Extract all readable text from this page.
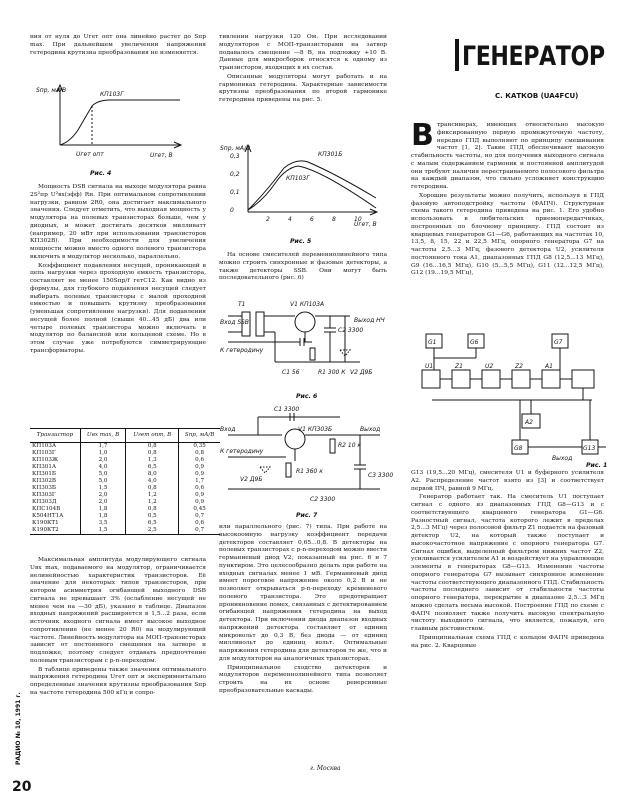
РАДИО № 10, 1991 г.
20

ния от нуля до Uгет опт она линейно растет до Sпр max. При дальнейшем увеличении напряжения гетеродина крутизна преобразования не изменяется.

Sпр, мА/В
Uгет, В
Uгет опт
КП103Г
Рис. 4

Мощность DSB сигнала на выходе модулятора равна 2S²пр U²вх(эфф) Rн. При оптимальном сопротивлении нагрузки, равном 2R0, она достигает максимального значения. Следует отметить, что выходная мощность у модулятора на полевых транзисторах больше, чем у диодных, и может достигать десятков милливатт (например, 20 мВт при использовании транзисторов КП302В). При необходимости для увеличения мощности можно вместо одного полевого транзистора включить в модулятор несколько, параллельно.

Коэффициент подавления несущей, проникающей в цепь нагрузки через проходную емкость транзистора, составляет не менее 150Sпр/f гетC12. Как видно из формулы, для глубокого подавления несущей следует выбирать полевые транзисторы с малой проходной емкостью и повышать крутизну преобразования (уменьшая сопротивление нагрузки). Для подавления несущей более полной (свыше 40...45 дБ) два или четыре полевых транзистора можно включать в модулятор по балансной или кольцевой схеме. Но в этом случае уже потребуются симметрирующие трансформаторы.

Транзистор	Uвх max, В	Uгет опт, В	Sпр, мА/В
КП103А	1,7	0,8	0,35
КП103Г	1,0	0,8	0,8
КП103Ж	2,0	1,3	0,6
КП301А	4,0	6,5	0,9
КП301Б	5,0	8,0	0,9
КП302В	5,0	4,0	1,7
КП303Б	1,5	0,8	0,6
КП303Г	2,0	1,2	0,9
КП303Д	2,0	1,2	0,9
КПС104В	1,8	0,8	0,45
К504НТ1А	1,8	0,5	0,7
К190КТ1	3,5	6,5	0,6
К190КТ2	1,5	2,5	0,7

Максимальная амплитуда модулирующего сигнала Uвх max, подаваемого на модулятор, ограничивается нелинейностью характеристик транзисторов. Её значение для некоторых типов транзисторов, при котором асимметрия огибающей выходного DSB сигнала не превышает 3% (ослабление несущей не менее чем на —30 дБ), указано в таблице. Диапазон входных напряжений расширяется в 1,5...2 раза, если источник входного сигнала имеет высокое выходное сопротивление (не менее 20 R0) на модулирующей частоте. Линейность модулятора на МОП-транзисторах зависит от постоянного смещения на затворе и подложке, поэтому следует отдавать предпочтение полевым транзисторам с p-n-переходом.

В таблице приведены также значения оптимального напряжения гетеродина Uгет опт и экспериментально определенные значения крутизны преобразования Sпр на частоте гетеродина 500 кГц и сопро-

тивлении нагрузки 120 Ом. При исследовании модуляторов с МОП-транзисторами на затвор подавалось смещение —8 В, на подложку +10 В. Данные для микросборок относятся к одному из транзисторов, входящих в их состав.

Описанные модуляторы могут работать и на гармониках гетеродина. Характерные зависимости крутизны преобразования по второй гармонике гетеродина приведены на рис. 5.

Sпр, мА/В
Uгет, В
КП301Б
КП103Г
0,3
0,2
0,1
0
2	4	6	8	10
Рис. 5

На основе смесителей переменнолинейного типа можно строить синхронные и фазовые детекторы, а также детекторы SSB. Они могут быть последовательного (рис. 6)

T1	V1 КП103А
Вход SSB
C2 3300
Выход НЧ
К гетеродину
C1 56	R1 300 К V2 Д9Б
Рис. 6
C1 3300
Вход	V1 КП303Б
R2 10 к
Выход
К гетеродину
V2 Д9Б
R1 360 к
C2 3300
C3 3300
Рис. 7

или параллельного (рис. 7) типа. При работе на высокоомную нагрузку коэффициент передачи детекторов составляет 0,65...0,8. В детекторы на полевых транзисторах с p-n-переходом можно ввести германиевый диод V2, показанный на рис. 6 и 7 пунктиром. Это целесообразно делать при работе на входных сигналах менее 1 мВ. Германиевый диод имеет пороговое напряжение около 0,2 В и не позволяет открываться p-n-переходу кремниевого полевого транзистора. Это предотвращает проникновение помех, связанных с детектированием огибающей напряжения гетеродина на выход детектора. При включении диода диапазон входных напряжений детектора составляет от единиц микровольт до 0,3 В, без диода — от единиц милливольт до единиц вольт. Оптимальные напряжения гетеродина для детекторов те же, что и для модуляторов на аналогичных транзисторах.

Принципиальное сходство детекторов и модуляторов переменнолинейного типа позволяет строить на их основе реверсивные преобразовательные каскады.

г. Москва
ГЕНЕРАТОР
С. КАТКОВ (UA4FCU)
В трансиверах, имеющих относительно высокую фиксированную первую промежуточную частоту, нередко ГПД выполняют по принципу смешивания частот [1, 2]. Такие ГПД обеспечивают высокую стабильность частоты, но для получения выходного сигнала с малым содержанием гармоник и постоянной амплитудой они требуют наличия перестраиваемого полосового фильтра на каждый диапазон, что сильно усложняет конструкцию гетеродина.

Хорошие результаты можно получить, используя в ГПД фазовую автоподстройку частоты (ФАПЧ). Структурная схема такого гетеродина приведена на рис. 1. Его удобно использовать в любительских приемопередатчиках, построенных по блочному принципу. ГПД состоит из кварцевых генераторов G1—G6, работающих на частотах 10, 13,5, 8, 15, 22 и 22,5 МГц, опорного генератора G7 на частоты 2,5...3 МГц, фазового детектора U2, усилителя постоянного тока A1, диапазонных ГПД G8 (12,5...13 МГц), G9 (16...16,5 МГц), G10 (5...5,5 МГц), G11 (12...12,5 МГц), G12 (19...19,5 МГц),

G1	G6	G7
G8	G13
U1	Z1	U2	Z2	A1
A2
Выход
Рис. 1

G13 (19,5...20 МГц), смесителя U1 и буферного усилителя A2. Распределение частот взято из [3] и соответствует первой ПЧ, равной 9 МГц.

Генератор работает так. На смеситель U1 поступает сигнал с одного из диапазонных ГПД G8—G13 и с соответствующего кварцевого генератора G1—G6. Разностный сигнал, частота которого лежит в пределах 2,5...3 МГц) через полосовой фильтр Z1 подается на фазовый детектор U2, на который также поступает и высокочастотное напряжение с опорного генератора G7. Сигнал ошибки, выделенный фильтром нижних частот Z2, усиливается усилителем A1 и воздействует на управляющие элементы в генераторах G8—G13. Изменение частоты опорного генератора G7 вызывает синхронное изменение частоты соответствующего диапазонного ГПД. Стабильность частоты последнего зависит от стабильности частоты опорного генератора, перекрытие в диапазоне 2,5...3 МГц можно сделать весьма высокой. Построение ГПД по схеме с ФАПЧ позволяет также получить высокую спектральную чистоту выходного сигнала, что является, пожалуй, его главным достоинством.

Принципиальная схема ГПД с кольцом ФАПЧ приведена на рис. 2. Кварцевые
